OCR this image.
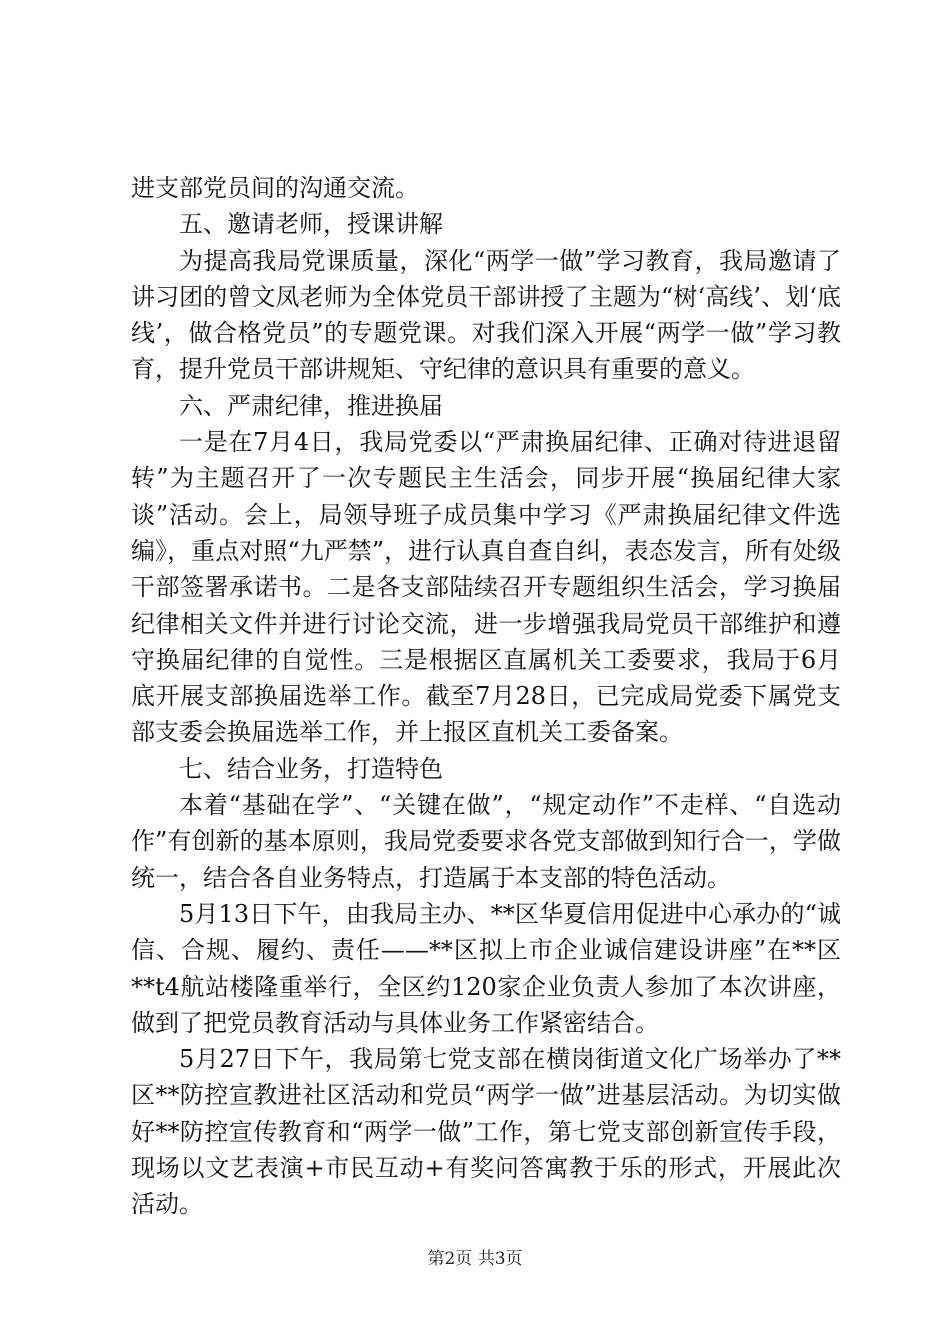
进支部党员间的沟通交流。

五、邀请老师，授课讲解

为提高我局党课质量，深化“两学一做”学习教育，我局邀请了讲习团的曾文凤老师为全体党员干部讲授了主题为“树‘高线’、划‘底线’，做合格党员”的专题党课。对我们深入开展“两学一做”学习教育，提升党员干部讲规矩、守纪律的意识具有重要的意义。

六、严肃纪律，推进换届

一是在7月4日，我局党委以“严肃换届纪律、正确对待进退留转”为主题召开了一次专题民主生活会，同步开展“换届纪律大家谈”活动。会上，局领导班子成员集中学习《严肃换届纪律文件选编》，重点对照“九严禁”，进行认真自查自纠，表态发言，所有处级干部签署承诺书。二是各支部陆续召开专题组织生活会，学习换届纪律相关文件并进行讨论交流，进一步增强我局党员干部维护和遵守换届纪律的自觉性。三是根据区直属机关工委要求，我局于6月底开展支部换届选举工作。截至7月28日，已完成局党委下属党支部支委会换届选举工作，并上报区直机关工委备案。

七、结合业务，打造特色

本着“基础在学”、“关键在做”，“规定动作”不走样、“自选动作”有创新的基本原则，我局党委要求各党支部做到知行合一，学做统一，结合各自业务特点，打造属于本支部的特色活动。

5月13日下午，由我局主办、**区华夏信用促进中心承办的“诚信、合规、履约、责任——**区拟上市企业诚信建设讲座”在**区**t4航站楼隆重举行，全区约120家企业负责人参加了本次讲座，做到了把党员教育活动与具体业务工作紧密结合。

5月27日下午，我局第七党支部在横岗街道文化广场举办了**区**防控宣教进社区活动和党员“两学一做”进基层活动。为切实做好**防控宣传教育和“两学一做”工作，第七党支部创新宣传手段，现场以文艺表演+市民互动+有奖问答寓教于乐的形式，开展此次活动。

第2页 共3页
